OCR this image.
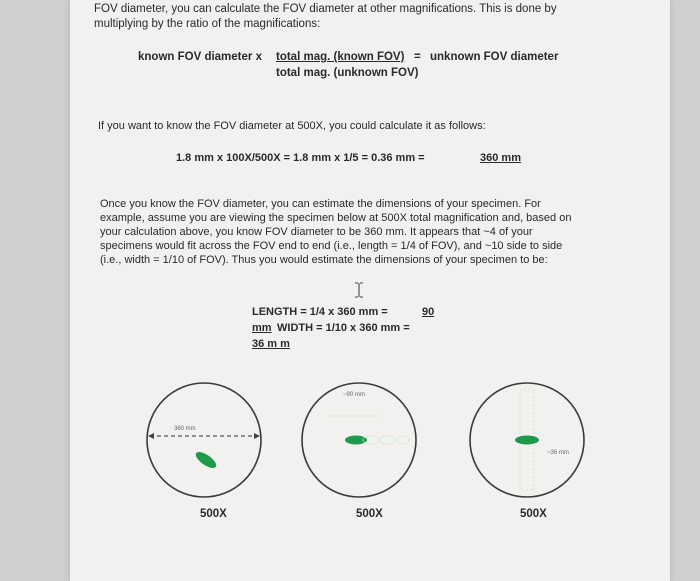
FOV diameter, you can calculate the FOV diameter at other magnifications. This is done by
multiplying by the ratio of the magnifications:
known FOV diameter x total mag. (known FOV) = unknown FOV diameter
total mag. (unknown FOV)
If you want to know the FOV diameter at 500X, you could calculate it as follows:
1.8 mm x 100X/500X = 1.8 mm x 1/5 = 0.36 mm =	360 mm
Once you know the FOV diameter, you can estimate the dimensions of your specimen. For
example, assume you are viewing the specimen below at 500X total magnification and, based on
your calculation above, you know FOV diameter to be 360 mm. It appears that ~4 of your
specimens would fit across the FOV end to end (i.e., length = 1/4 of FOV), and ~10 side to side
(i.e., width = 1/10 of FOV). Thus you would estimate the dimensions of your specimen to be:
LENGTH = 1/4 x 360 mm =	90
mm WIDTH = 1/10 x 360 mm =
36 m m
360 mm
500X
~90 mm
500X
~36 mm
500X
